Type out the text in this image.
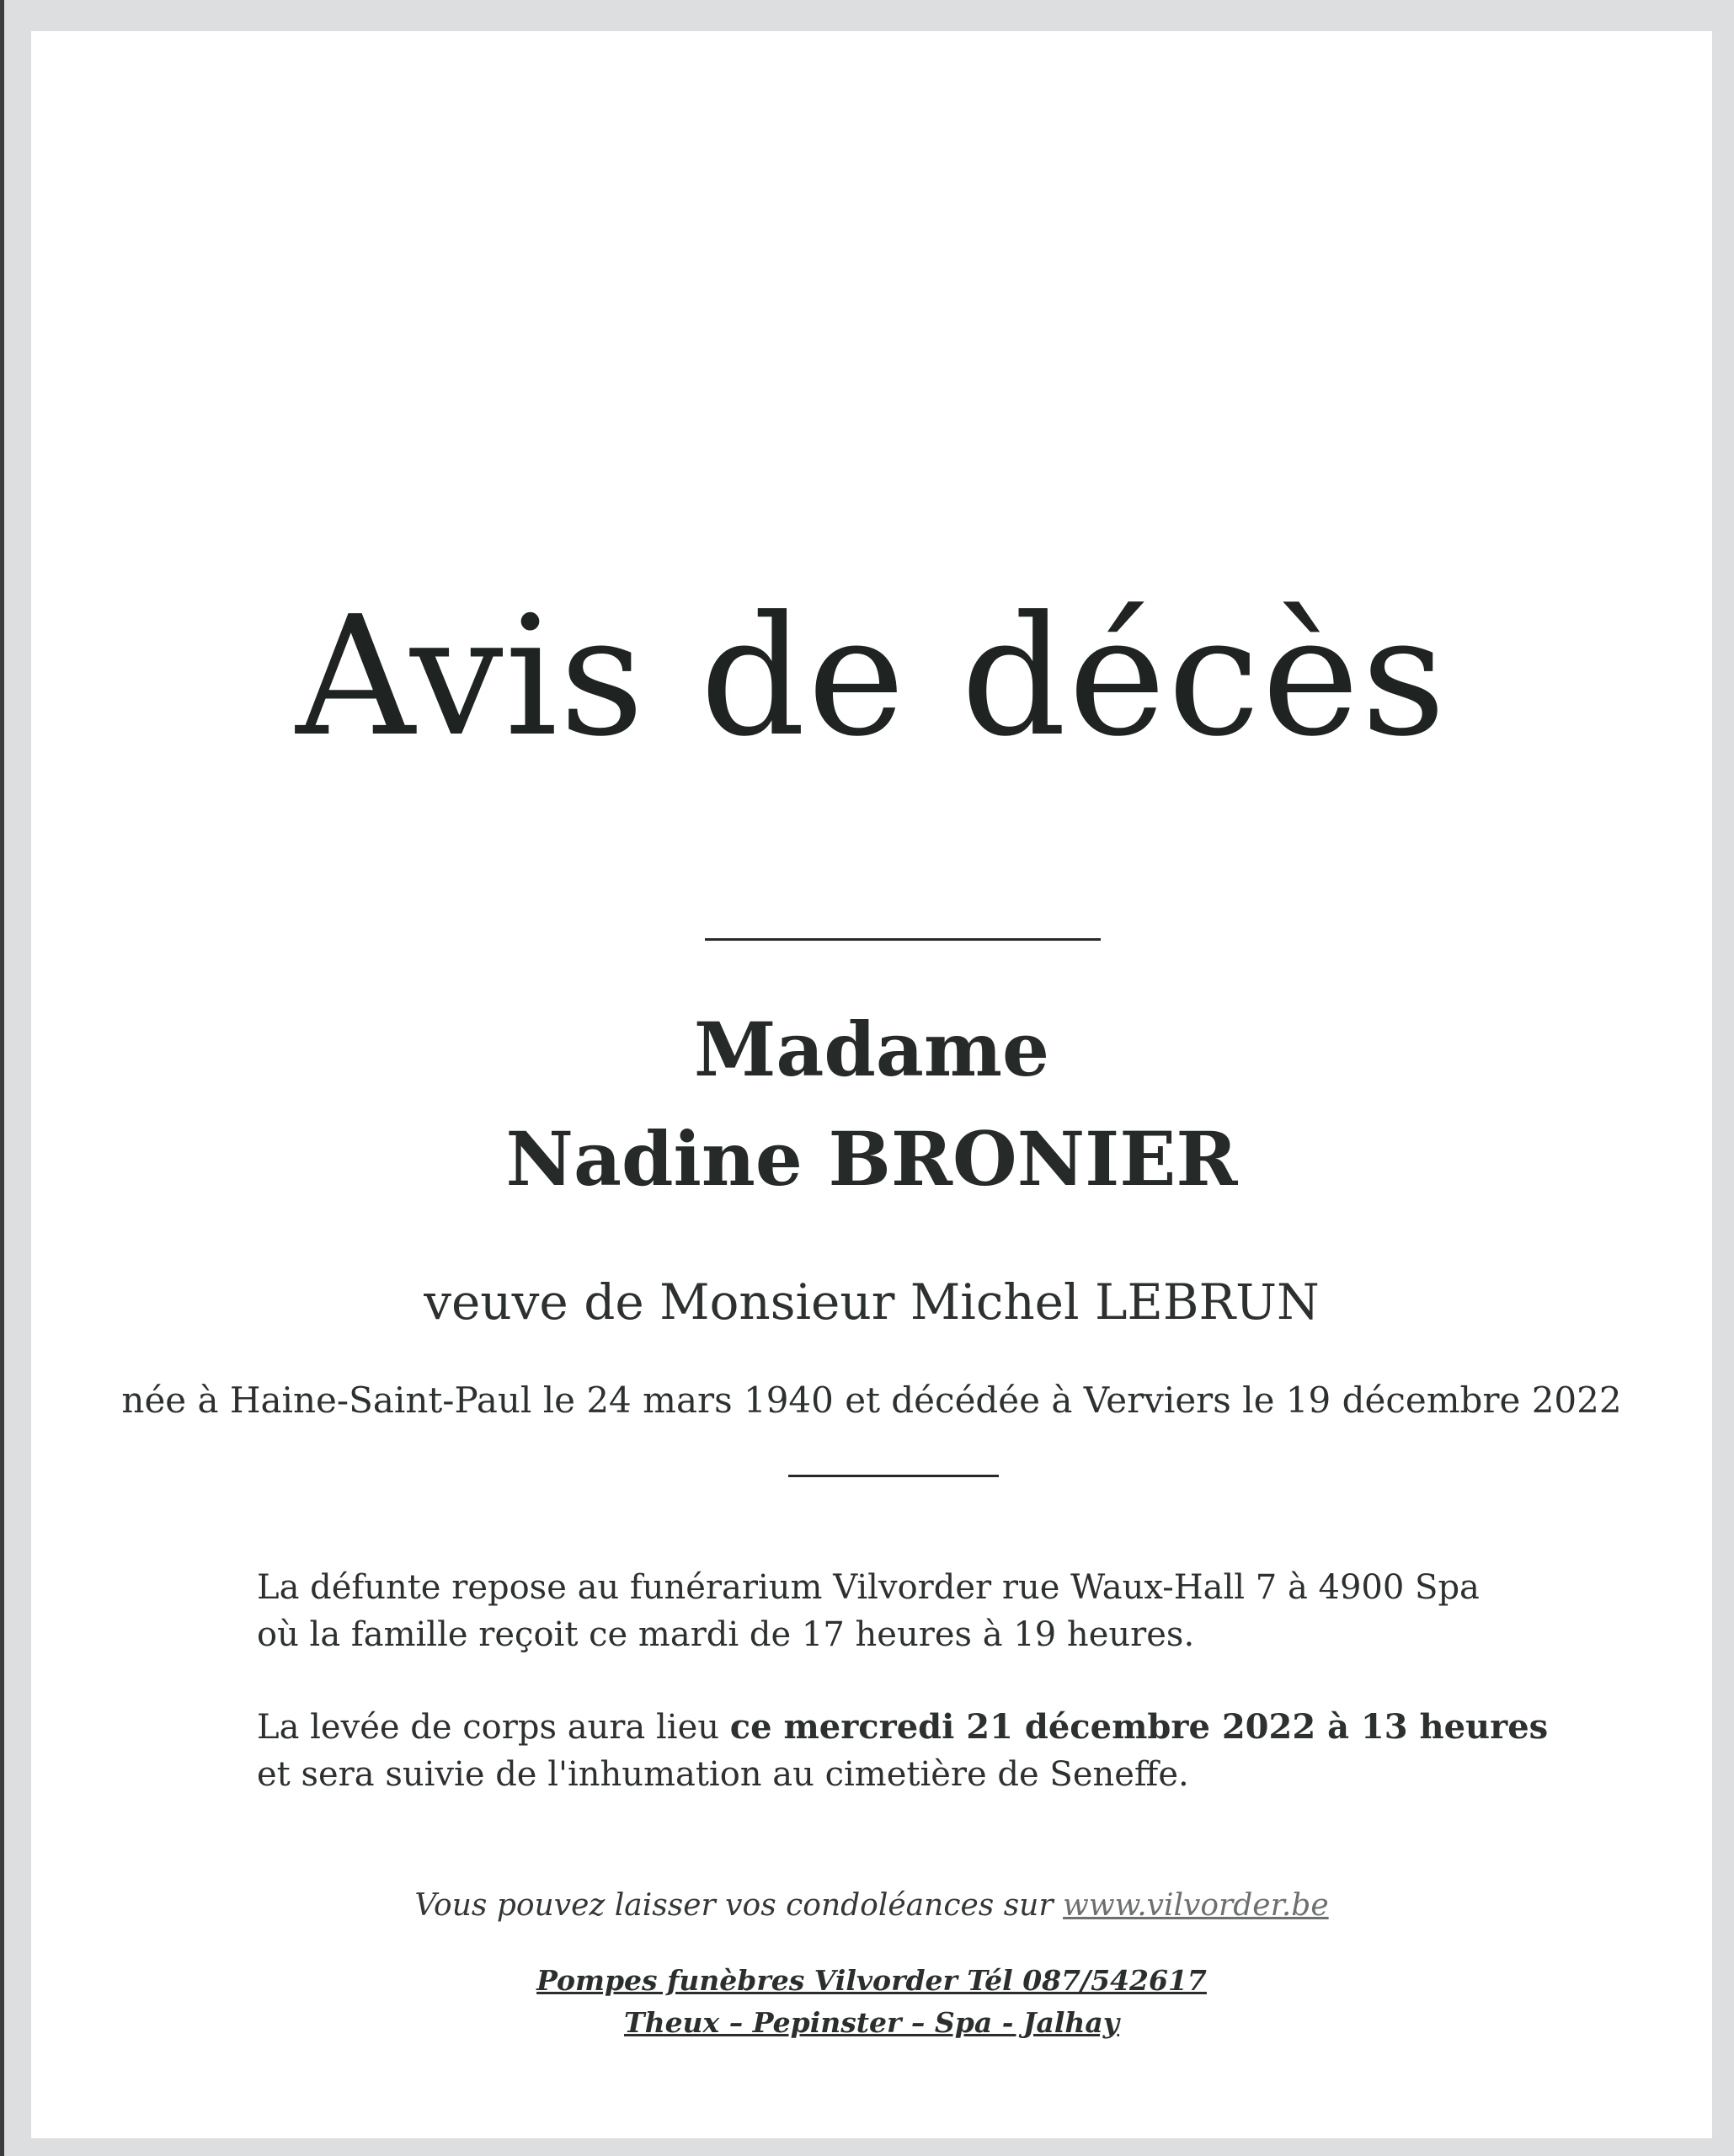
Avis de décès
Madame
Nadine BRONIER
veuve de Monsieur Michel LEBRUN
née à Haine-Saint-Paul le 24 mars 1940 et décédée à Verviers le 19 décembre 2022
La défunte repose au funérarium Vilvorder rue Waux-Hall 7 à 4900 Spa
où la famille reçoit ce mardi de 17 heures à 19 heures.
La levée de corps aura lieu ce mercredi 21 décembre 2022 à 13 heures
et sera suivie de l'inhumation au cimetière de Seneffe.
Vous pouvez laisser vos condoléances sur www.vilvorder.be
Pompes funèbres Vilvorder Tél 087/542617
Theux – Pepinster – Spa - Jalhay
